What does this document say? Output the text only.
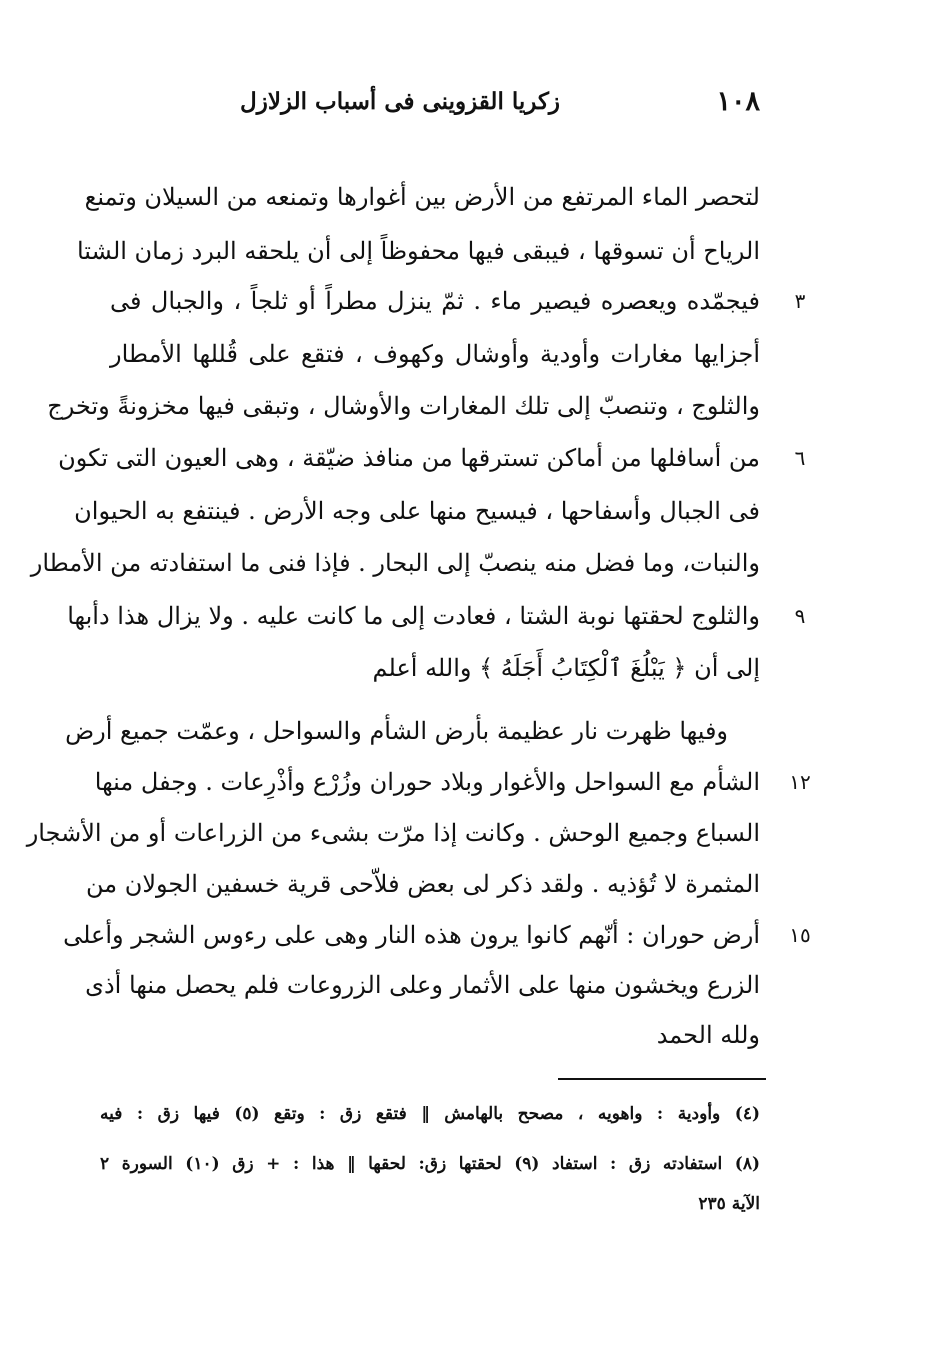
١٠٨
زكريا القزوينى فى أسباب الزلازل
لتحصر الماء المرتفع من الأرض بين أغوارها وتمنعه من السيلان وتمنع
الرياح أن تسوقها ، فيبقى فيها محفوظاً إلى أن يلحقه البرد زمان الشتا
فيجمّده ويعصره فيصير ماء . ثمّ ينزل مطراً أو ثلجاً ، والجبال فى
أجزايها مغارات وأودية وأوشال وكهوف ، فتقع على قُللها الأمطار
والثلوج ، وتنصبّ إلى تلك المغارات والأوشال ، وتبقى فيها مخزونةً وتخرج
من أسافلها من أماكن تسترقها من منافذ ضيّقة ، وهى العيون التى تكون
فى الجبال وأسفاحها ، فيسيح منها على وجه الأرض . فينتفع به الحيوان
والنبات، وما فضل منه ينصبّ إلى البحار . فإذا فنى ما استفادته من الأمطار
والثلوج لحقتها نوبة الشتا ، فعادت إلى ما كانت عليه . ولا يزال هذا دأبها
إلى أن ﴿ يَبْلُغَ ٱلْكِتَابُ أَجَلَهُ ﴾ والله أعلم
وفيها ظهرت نار عظيمة بأرض الشأم والسواحل ، وعمّت جميع أرض
الشأم مع السواحل والأغوار وبلاد حوران وزُرْع وأذْرِعات . وجفل منها
السباع وجميع الوحش . وكانت إذا مرّت بشىء من الزراعات أو من الأشجار
المثمرة لا تُؤذيه . ولقد ذكر لى بعض فلاّحى قرية خسفين الجولان من
أرض حوران : أنّهم كانوا يرون هذه النار وهى على رءوس الشجر وأعلى
الزرع ويخشون منها على الأثمار وعلى الزروعات فلم يحصل منها أذى
ولله الحمد
٣
٦
٩
١٢
١٥
(٤) وأودية : واهويه ، مصحح بالهامش ‖ فتقع زق : وتقع (٥) فيها زق : فيه
(٨) استفادته زق : استفاد (٩) لحقتها زق: لحقها ‖ هذا : + زق (١٠) السورة ٢
الآية ٢٣٥
